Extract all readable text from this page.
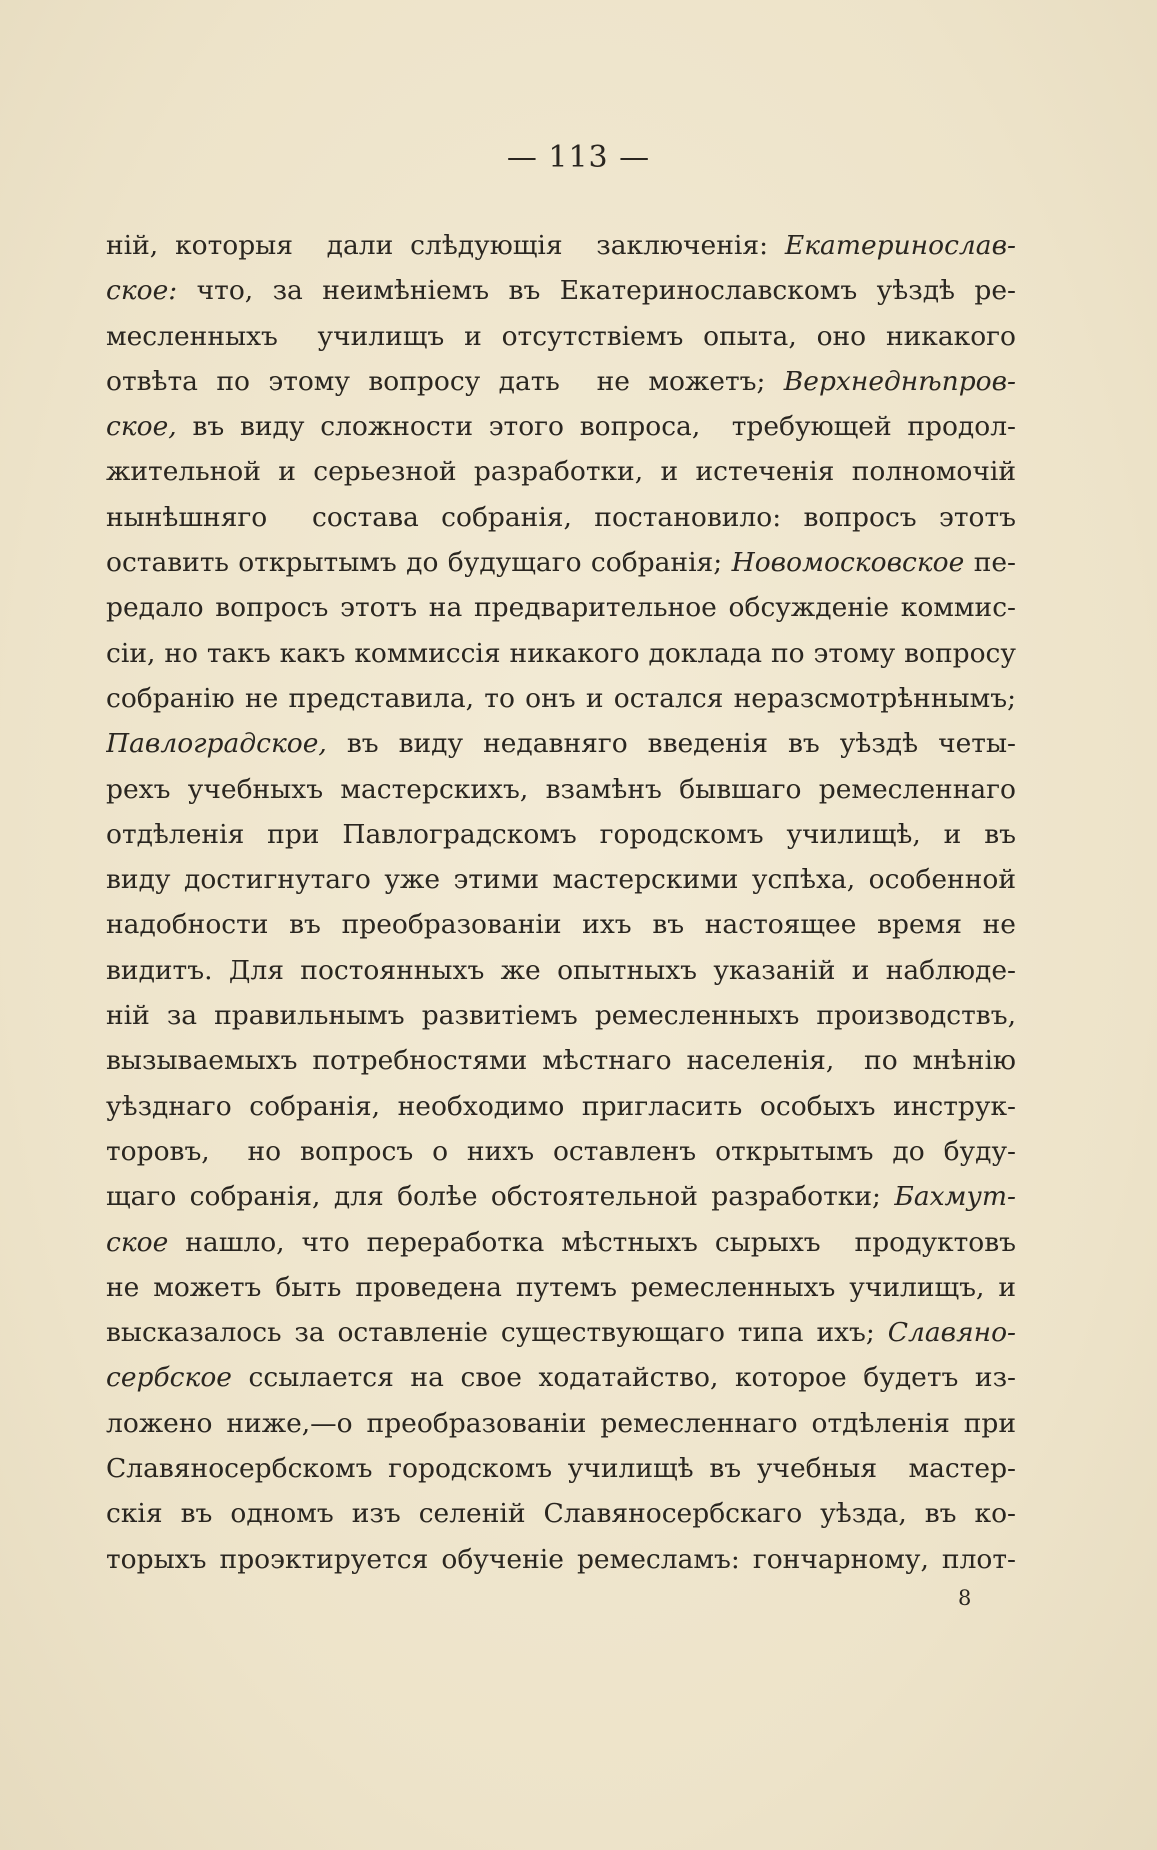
— 113 —
ній, которыя  дали слѣдующія  заключенія: Екатеринослав-
ское: что, за неимѣніемъ въ Екатеринославскомъ уѣздѣ ре-
месленныхъ  училищъ и отсутствіемъ опыта, оно никакого
отвѣта по этому вопросу дать  не можетъ; Верхнеднѣпров-
ское, въ виду сложности этого вопроса,  требующей продол-
жительной и серьезной разработки, и истеченія полномочій
нынѣшняго  состава собранія, постановило: вопросъ этотъ
оставить открытымъ до будущаго собранія; Новомосковское пе-
редало вопросъ этотъ на предварительное обсужденіе коммис-
сіи, но такъ какъ коммиссія никакого доклада по этому вопросу
собранію не представила, то онъ и остался неразсмотрѣннымъ;
Павлоградское, въ виду недавняго введенія въ уѣздѣ четы-
рехъ учебныхъ мастерскихъ, взамѣнъ бывшаго ремесленнаго
отдѣленія при Павлоградскомъ городскомъ училищѣ, и въ
виду достигнутаго уже этими мастерскими успѣха, особенной
надобности въ преобразованіи ихъ въ настоящее время не
видитъ. Для постоянныхъ же опытныхъ указаній и наблюде-
ній за правильнымъ развитіемъ ремесленныхъ производствъ,
вызываемыхъ потребностями мѣстнаго населенія,  по мнѣнію
уѣзднаго собранія, необходимо пригласить особыхъ инструк-
торовъ,  но вопросъ о нихъ оставленъ открытымъ до буду-
щаго собранія, для болѣе обстоятельной разработки; Бахмут-
ское нашло, что переработка мѣстныхъ сырыхъ  продуктовъ
не можетъ быть проведена путемъ ремесленныхъ училищъ, и
высказалось за оставленіе существующаго типа ихъ; Славяно-
сербское ссылается на свое ходатайство, которое будетъ из-
ложено ниже,—о преобразованіи ремесленнаго отдѣленія при
Славяносербскомъ городскомъ училищѣ въ учебныя  мастер-
скія въ одномъ изъ селеній Славяносербскаго уѣзда, въ ко-
торыхъ проэктируется обученіе ремесламъ: гончарному, плот-
8
